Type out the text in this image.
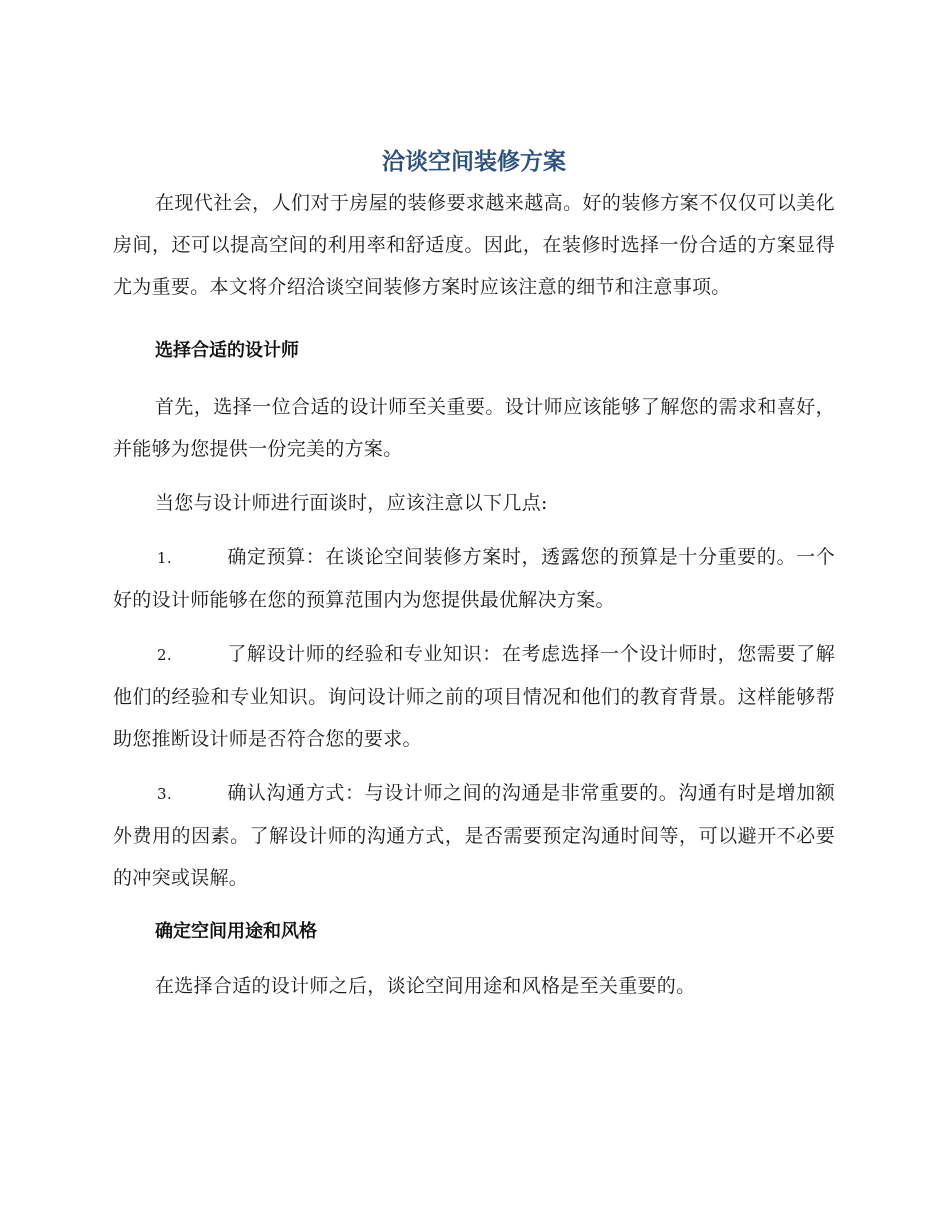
洽谈空间装修方案

在现代社会，人们对于房屋的装修要求越来越高。好的装修方案不仅仅可以美化房间，还可以提高空间的利用率和舒适度。因此，在装修时选择一份合适的方案显得尤为重要。本文将介绍洽谈空间装修方案时应该注意的细节和注意事项。

选择合适的设计师

首先，选择一位合适的设计师至关重要。设计师应该能够了解您的需求和喜好，并能够为您提供一份完美的方案。

当您与设计师进行面谈时，应该注意以下几点:

1.	确定预算：在谈论空间装修方案时，透露您的预算是十分重要的。一个好的设计师能够在您的预算范围内为您提供最优解决方案。

2.	了解设计师的经验和专业知识：在考虑选择一个设计师时，您需要了解他们的经验和专业知识。询问设计师之前的项目情况和他们的教育背景。这样能够帮助您推断设计师是否符合您的要求。

3.	确认沟通方式：与设计师之间的沟通是非常重要的。沟通有时是增加额外费用的因素。了解设计师的沟通方式，是否需要预定沟通时间等，可以避开不必要的冲突或误解。

确定空间用途和风格

在选择合适的设计师之后，谈论空间用途和风格是至关重要的。
